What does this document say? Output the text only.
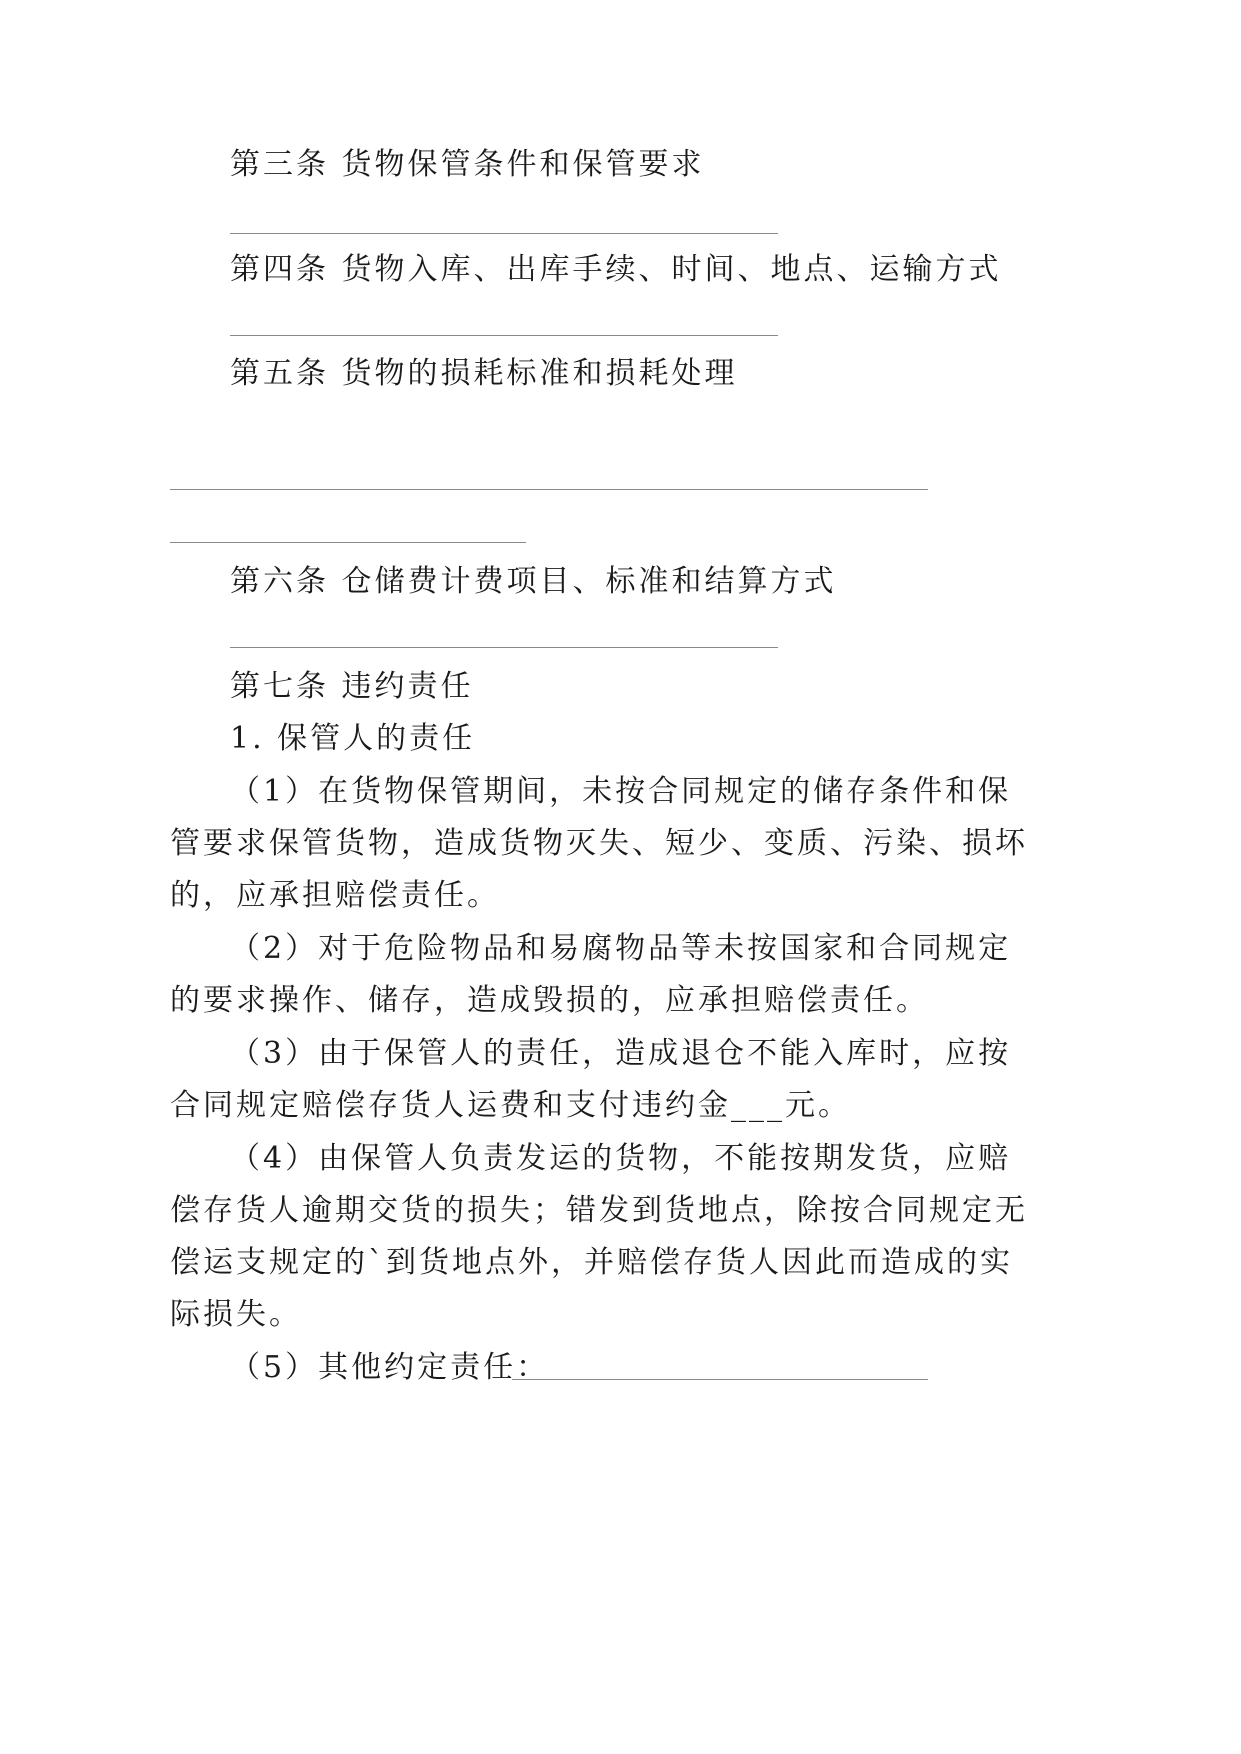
第三条 货物保管条件和保管要求
第四条 货物入库、出库手续、时间、地点、运输方式
第五条 货物的损耗标准和损耗处理
第六条 仓储费计费项目、标准和结算方式
第七条 违约责任
1. 保管人的责任
（1）在货物保管期间，未按合同规定的储存条件和保
管要求保管货物，造成货物灭失、短少、变质、污染、损坏
的，应承担赔偿责任。
（2）对于危险物品和易腐物品等未按国家和合同规定
的要求操作、储存，造成毁损的，应承担赔偿责任。
（3）由于保管人的责任，造成退仓不能入库时，应按
合同规定赔偿存货人运费和支付违约金___元。
（4）由保管人负责发运的货物，不能按期发货，应赔
偿存货人逾期交货的损失；错发到货地点，除按合同规定无
偿运支规定的`到货地点外，并赔偿存货人因此而造成的实
际损失。
（5）其他约定责任：
